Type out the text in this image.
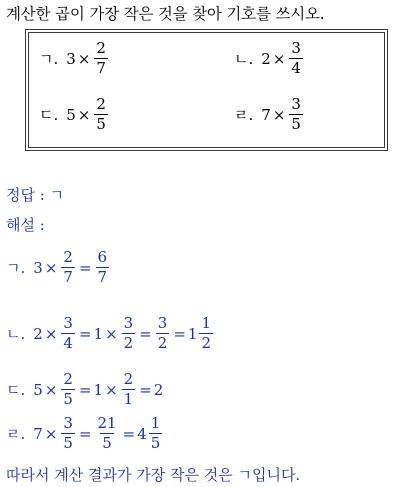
계산한 곱이 가장 작은 것을 찾아 기호를 쓰시오.
ㄱ. $3 \times \frac{2}{7}$	ㄴ. $2 \times \frac{3}{4}$
ㄷ. $5 \times \frac{2}{5}$	ㄹ. $7 \times \frac{3}{5}$
정답 : ㄱ
해설 :
ㄱ. $3 \times \frac{2}{7} = \frac{6}{7}$
ㄴ. $2 \times \frac{3}{4} = 1 \times \frac{3}{2} = \frac{3}{2} = 1 \frac{1}{2}$
ㄷ. $5 \times \frac{2}{5} = 1 \times \frac{2}{1} = 2$
ㄹ. $7 \times \frac{3}{5} = \frac{21}{5} = 4 \frac{1}{5}$
따라서 계산 결과가 가장 작은 것은 ㄱ입니다.
